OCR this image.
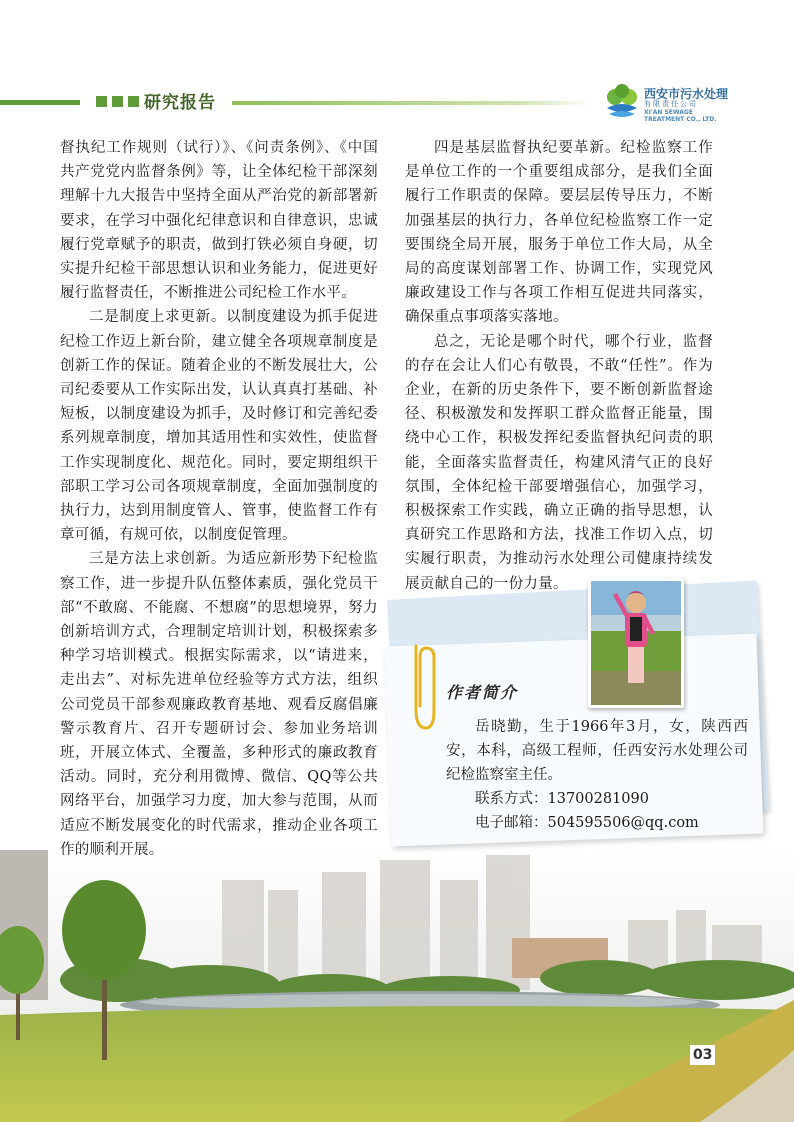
研究报告	西安市污水处理
有限责任公司
XI'AN SEWAGE
TREATMENT CO., LTD.

督执纪工作规则（试行）》、《问责条例》、《中国共产党党内监督条例》等，让全体纪检干部深刻理解十九大报告中坚持全面从严治党的新部署新要求，在学习中强化纪律意识和自律意识，忠诚履行党章赋予的职责，做到打铁必须自身硬，切实提升纪检干部思想认识和业务能力，促进更好履行监督责任，不断推进公司纪检工作水平。

二是制度上求更新。以制度建设为抓手促进纪检工作迈上新台阶，建立健全各项规章制度是创新工作的保证。随着企业的不断发展壮大，公司纪委要从工作实际出发，认认真真打基础、补短板，以制度建设为抓手，及时修订和完善纪委系列规章制度，增加其适用性和实效性，使监督工作实现制度化、规范化。同时，要定期组织干部职工学习公司各项规章制度，全面加强制度的执行力，达到用制度管人、管事，使监督工作有章可循，有规可依，以制度促管理。

三是方法上求创新。为适应新形势下纪检监察工作，进一步提升队伍整体素质，强化党员干部“不敢腐、不能腐、不想腐”的思想境界，努力创新培训方式，合理制定培训计划，积极探索多种学习培训模式。根据实际需求，以“请进来，走出去”、对标先进单位经验等方式方法，组织公司党员干部参观廉政教育基地、观看反腐倡廉警示教育片、召开专题研讨会、参加业务培训班，开展立体式、全覆盖，多种形式的廉政教育活动。同时，充分利用微博、微信、QQ等公共网络平台，加强学习力度，加大参与范围，从而适应不断发展变化的时代需求，推动企业各项工作的顺利开展。

四是基层监督执纪要革新。纪检监察工作是单位工作的一个重要组成部分，是我们全面履行工作职责的保障。要层层传导压力，不断加强基层的执行力，各单位纪检监察工作一定要围绕全局开展，服务于单位工作大局，从全局的高度谋划部署工作、协调工作，实现党风廉政建设工作与各项工作相互促进共同落实，确保重点事项落实落地。

总之，无论是哪个时代，哪个行业，监督的存在会让人们心有敬畏，不敢“任性”。作为企业，在新的历史条件下，要不断创新监督途径、积极激发和发挥职工群众监督正能量，围绕中心工作，积极发挥纪委监督执纪问责的职能，全面落实监督责任，构建风清气正的良好氛围，全体纪检干部要增强信心，加强学习，积极探索工作实践，确立正确的指导思想，认真研究工作思路和方法，找准工作切入点，切实履行职责，为推动污水处理公司健康持续发展贡献自己的一份力量。

作者简介

岳晓勤，生于1966年3月，女，陕西西安，本科，高级工程师，任西安污水处理公司纪检监察室主任。

联系方式：13700281090

电子邮箱：504595506@qq.com

03
